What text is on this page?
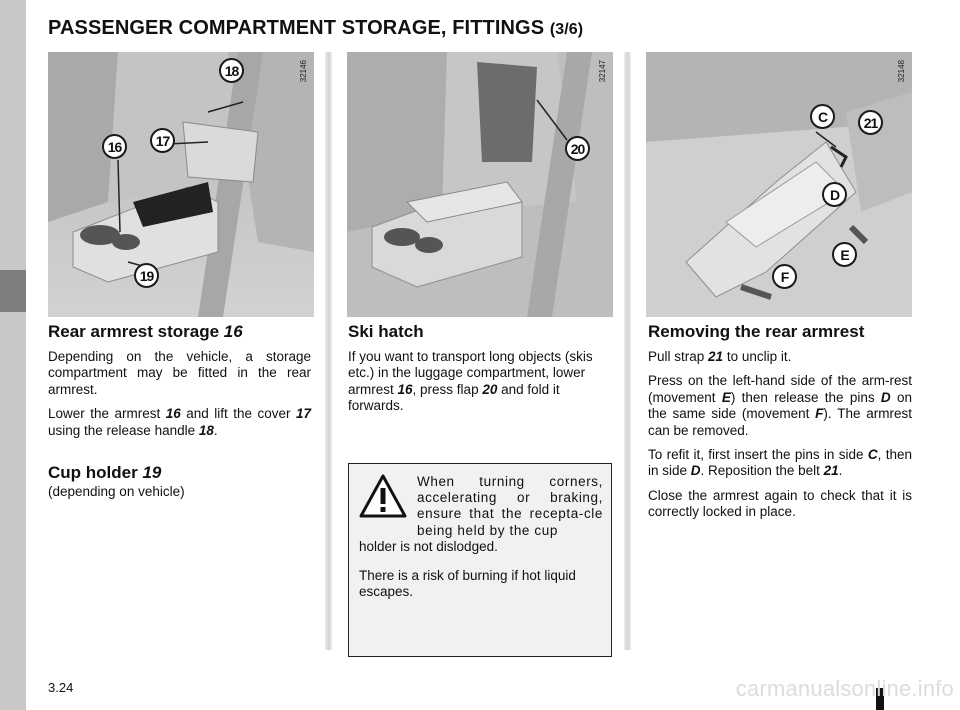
PASSENGER COMPARTMENT STORAGE, FITTINGS (3/6)
32146
18
17
16
19
32147
20
32148
C	21
D
E
F
Rear armrest storage 16

Depending on the vehicle, a storage compartment may be fitted in the rear armrest.

Lower the armrest 16 and lift the cover 17 using the release handle 18.

Cup holder 19
(depending on vehicle)
Ski hatch

If you want to transport long objects (skis etc.) in the luggage compartment, lower armrest 16, press flap 20 and fold it forwards.

When turning corners, accelerating or braking, ensure that the recepta-cle being held by the cup
holder is not dislodged.
There is a risk of burning if hot liquid escapes.
Removing the rear armrest

Pull strap 21 to unclip it.

Press on the left-hand side of the arm-rest (movement E) then release the pins D on the same side (movement F). The armrest can be removed.

To refit it, first insert the pins in side C, then in side D. Reposition the belt 21.

Close the armrest again to check that it is correctly locked in place.

3.24	carmanualsonline.info
